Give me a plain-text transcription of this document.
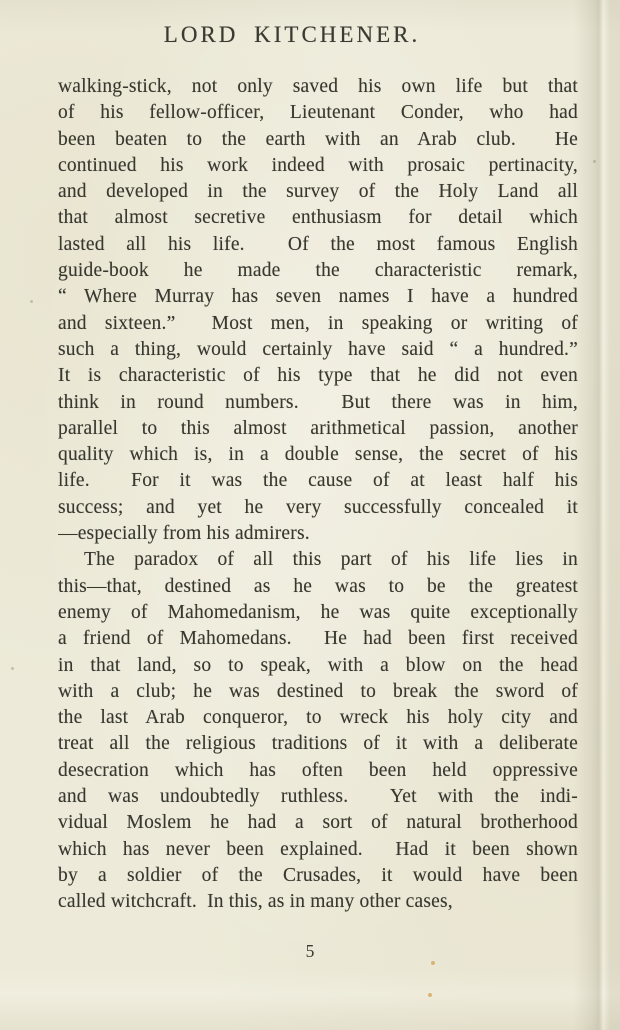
LORD KITCHENER.
walking-stick, not only saved his own life but that
of his fellow-officer, Lieutenant Conder, who had
been beaten to the earth with an Arab club.  He
continued his work indeed with prosaic pertinacity,
and developed in the survey of the Holy Land all
that almost secretive enthusiasm for detail which
lasted all his life.  Of the most famous English
guide-book he made the characteristic remark,
“ Where Murray has seven names I have a hundred
and sixteen.”  Most men, in speaking or writing of
such a thing, would certainly have said “ a hundred.”
It is characteristic of his type that he did not even
think in round numbers.  But there was in him,
parallel to this almost arithmetical passion, another
quality which is, in a double sense, the secret of his
life.  For it was the cause of at least half his
success; and yet he very successfully concealed it
—especially from his admirers.
The paradox of all this part of his life lies in
this—that, destined as he was to be the greatest
enemy of Mahomedanism, he was quite exceptionally
a friend of Mahomedans.  He had been first received
in that land, so to speak, with a blow on the head
with a club; he was destined to break the sword of
the last Arab conqueror, to wreck his holy city and
treat all the religious traditions of it with a deliberate
desecration which has often been held oppressive
and was undoubtedly ruthless.  Yet with the indi-
vidual Moslem he had a sort of natural brotherhood
which has never been explained.  Had it been shown
by a soldier of the Crusades, it would have been
called witchcraft.  In this, as in many other cases,
5
